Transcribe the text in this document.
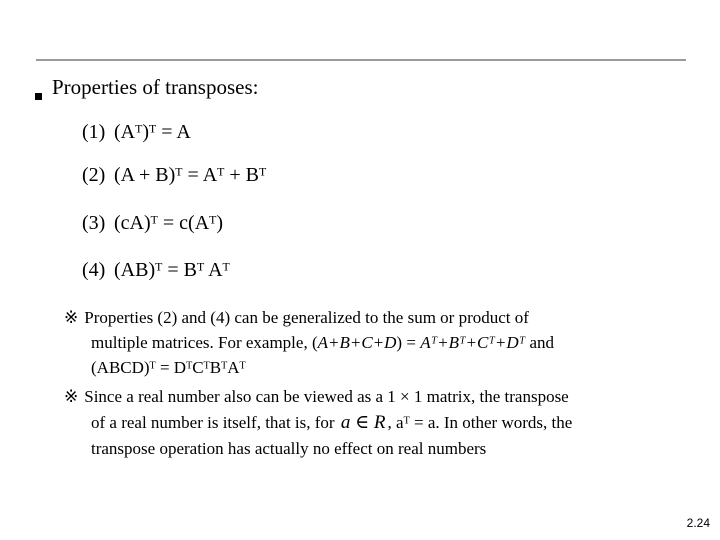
Properties of transposes:
(1) (Aᵀ)ᵀ = A
(2) (A + B)ᵀ = Aᵀ + Bᵀ
(3) (cA)ᵀ = c(Aᵀ)
(4) (AB)ᵀ = Bᵀ Aᵀ
※ Properties (2) and (4) can be generalized to the sum or product of
multiple matrices. For example, (A+B+C+D) = Aᵀ+Bᵀ+Cᵀ+Dᵀ and
(ABCD)ᵀ = DᵀCᵀBᵀAᵀ
※ Since a real number also can be viewed as a 1 × 1 matrix, the transpose
of a real number is itself, that is, for a ∈ R , aᵀ = a. In other words, the
transpose operation has actually no effect on real numbers
2.24
